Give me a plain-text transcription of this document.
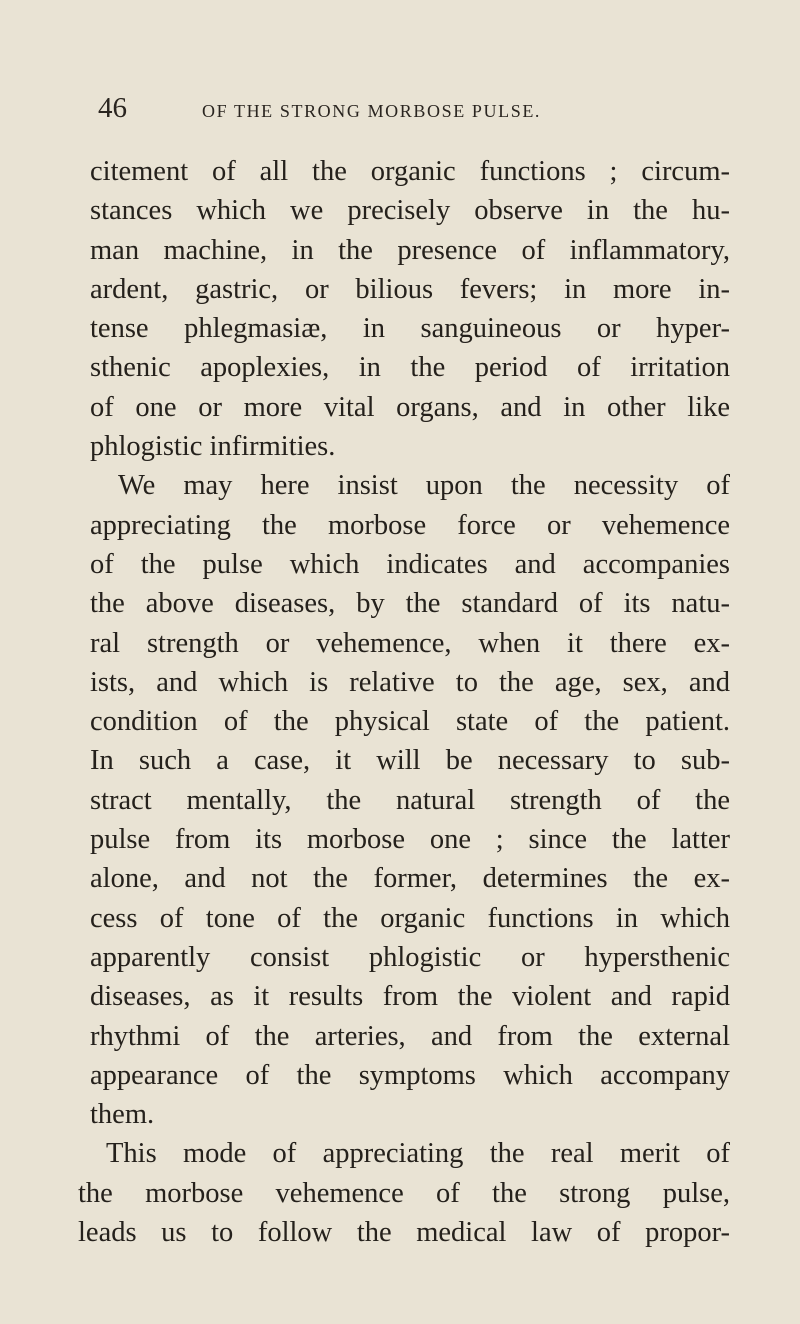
46	OF THE STRONG MORBOSE PULSE.
citement of all the organic functions ; circum-
stances which we precisely observe in the hu-
man machine, in the presence of inflammatory,
ardent, gastric, or bilious fevers; in more in-
tense phlegmasiæ, in sanguineous or hyper-
sthenic apoplexies, in the period of irritation
of one or more vital organs, and in other like
phlogistic infirmities.
We may here insist upon the necessity of
appreciating the morbose force or vehemence
of the pulse which indicates and accompanies
the above diseases, by the standard of its natu-
ral strength or vehemence, when it there ex-
ists, and which is relative to the age, sex, and
condition of the physical state of the patient.
In such a case, it will be necessary to sub-
stract mentally, the natural strength of the
pulse from its morbose one ; since the latter
alone, and not the former, determines the ex-
cess of tone of the organic functions in which
apparently consist phlogistic or hypersthenic
diseases, as it results from the violent and rapid
rhythmi of the arteries, and from the external
appearance of the symptoms which accompany
them.
This mode of appreciating the real merit of
the morbose vehemence of the strong pulse,
leads us to follow the medical law of propor-
